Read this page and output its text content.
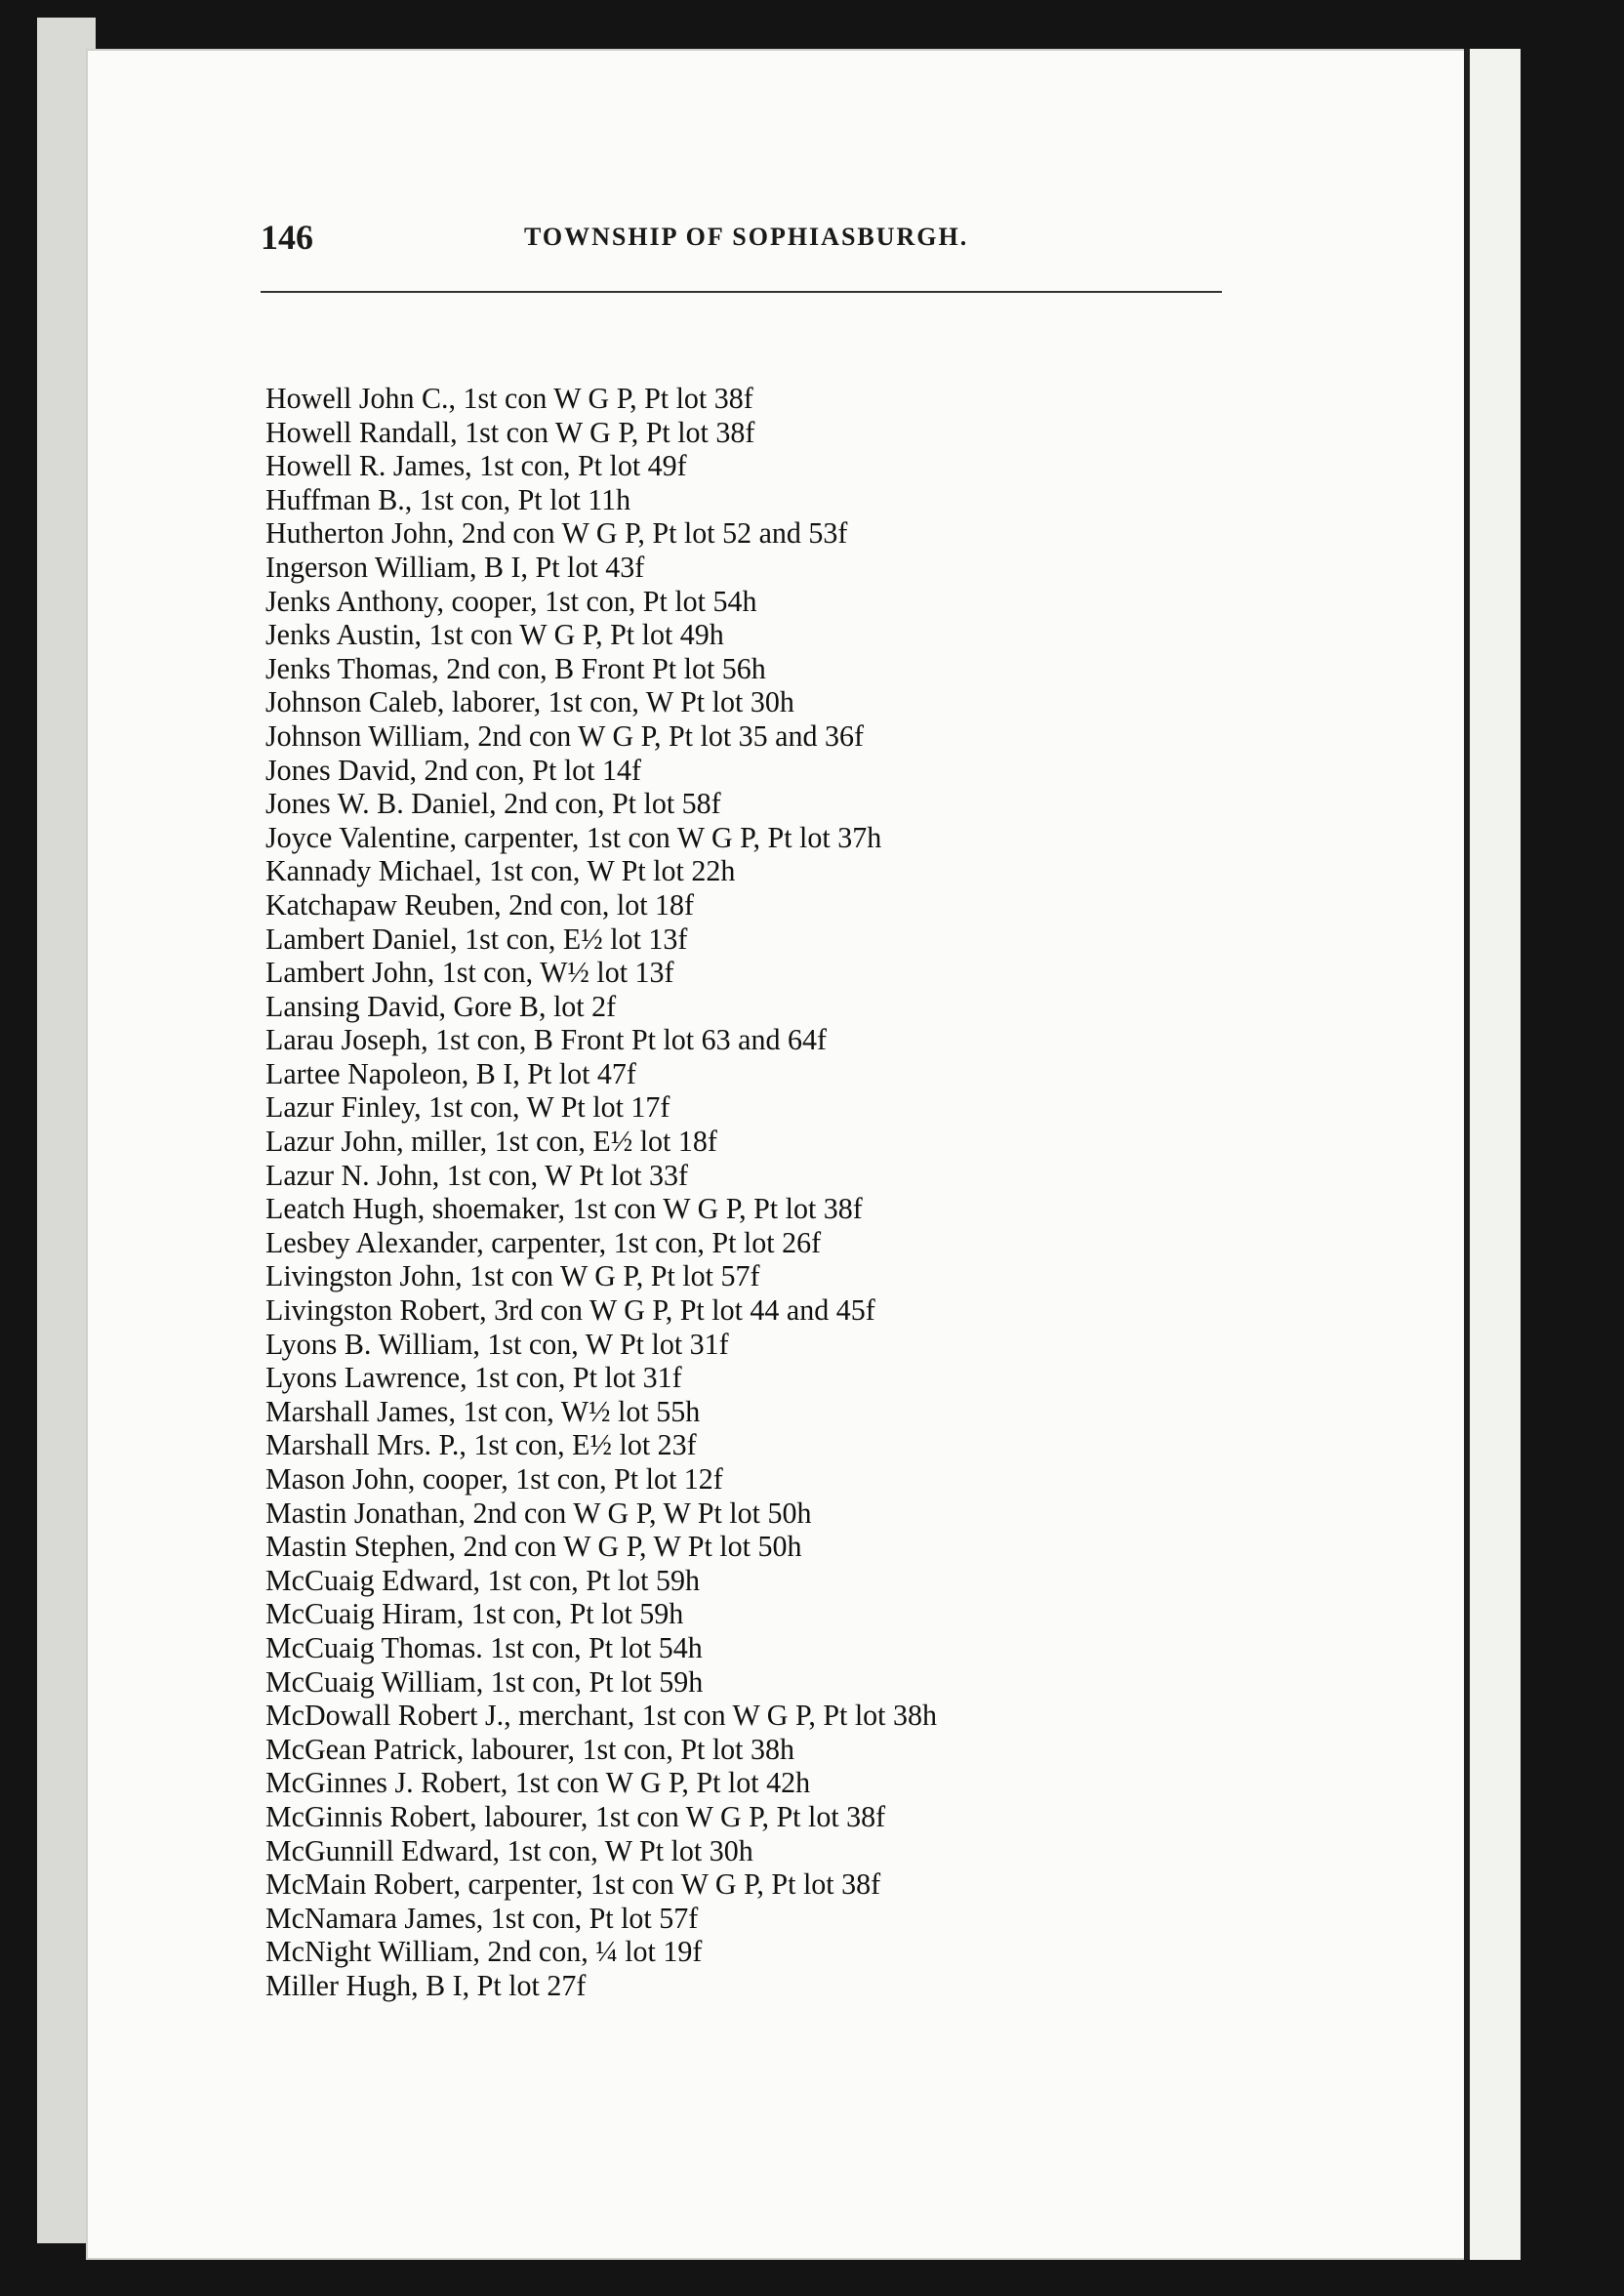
146	TOWNSHIP OF SOPHIASBURGH.
Howell John C., 1st con W G P, Pt lot 38f
Howell Randall, 1st con W G P, Pt lot 38f
Howell R. James, 1st con, Pt lot 49f
Huffman B., 1st con, Pt lot 11h
Hutherton John, 2nd con W G P, Pt lot 52 and 53f
Ingerson William, B I, Pt lot 43f
Jenks Anthony, cooper, 1st con, Pt lot 54h
Jenks Austin, 1st con W G P, Pt lot 49h
Jenks Thomas, 2nd con, B Front Pt lot 56h
Johnson Caleb, laborer, 1st con, W Pt lot 30h
Johnson William, 2nd con W G P, Pt lot 35 and 36f
Jones David, 2nd con, Pt lot 14f
Jones W. B. Daniel, 2nd con, Pt lot 58f
Joyce Valentine, carpenter, 1st con W G P, Pt lot 37h
Kannady Michael, 1st con, W Pt lot 22h
Katchapaw Reuben, 2nd con, lot 18f
Lambert Daniel, 1st con, E½ lot 13f
Lambert John, 1st con, W½ lot 13f
Lansing David, Gore B, lot 2f
Larau Joseph, 1st con, B Front Pt lot 63 and 64f
Lartee Napoleon, B I, Pt lot 47f
Lazur Finley, 1st con, W Pt lot 17f
Lazur John, miller, 1st con, E½ lot 18f
Lazur N. John, 1st con, W Pt lot 33f
Leatch Hugh, shoemaker, 1st con W G P, Pt lot 38f
Lesbey Alexander, carpenter, 1st con, Pt lot 26f
Livingston John, 1st con W G P, Pt lot 57f
Livingston Robert, 3rd con W G P, Pt lot 44 and 45f
Lyons B. William, 1st con, W Pt lot 31f
Lyons Lawrence, 1st con, Pt lot 31f
Marshall James, 1st con, W½ lot 55h
Marshall Mrs. P., 1st con, E½ lot 23f
Mason John, cooper, 1st con, Pt lot 12f
Mastin Jonathan, 2nd con W G P, W Pt lot 50h
Mastin Stephen, 2nd con W G P, W Pt lot 50h
McCuaig Edward, 1st con, Pt lot 59h
McCuaig Hiram, 1st con, Pt lot 59h
McCuaig Thomas. 1st con, Pt lot 54h
McCuaig William, 1st con, Pt lot 59h
McDowall Robert J., merchant, 1st con W G P, Pt lot 38h
McGean Patrick, labourer, 1st con, Pt lot 38h
McGinnes J. Robert, 1st con W G P, Pt lot 42h
McGinnis Robert, labourer, 1st con W G P, Pt lot 38f
McGunnill Edward, 1st con, W Pt lot 30h
McMain Robert, carpenter, 1st con W G P, Pt lot 38f
McNamara James, 1st con, Pt lot 57f
McNight William, 2nd con, ¼ lot 19f
Miller Hugh, B I, Pt lot 27f
